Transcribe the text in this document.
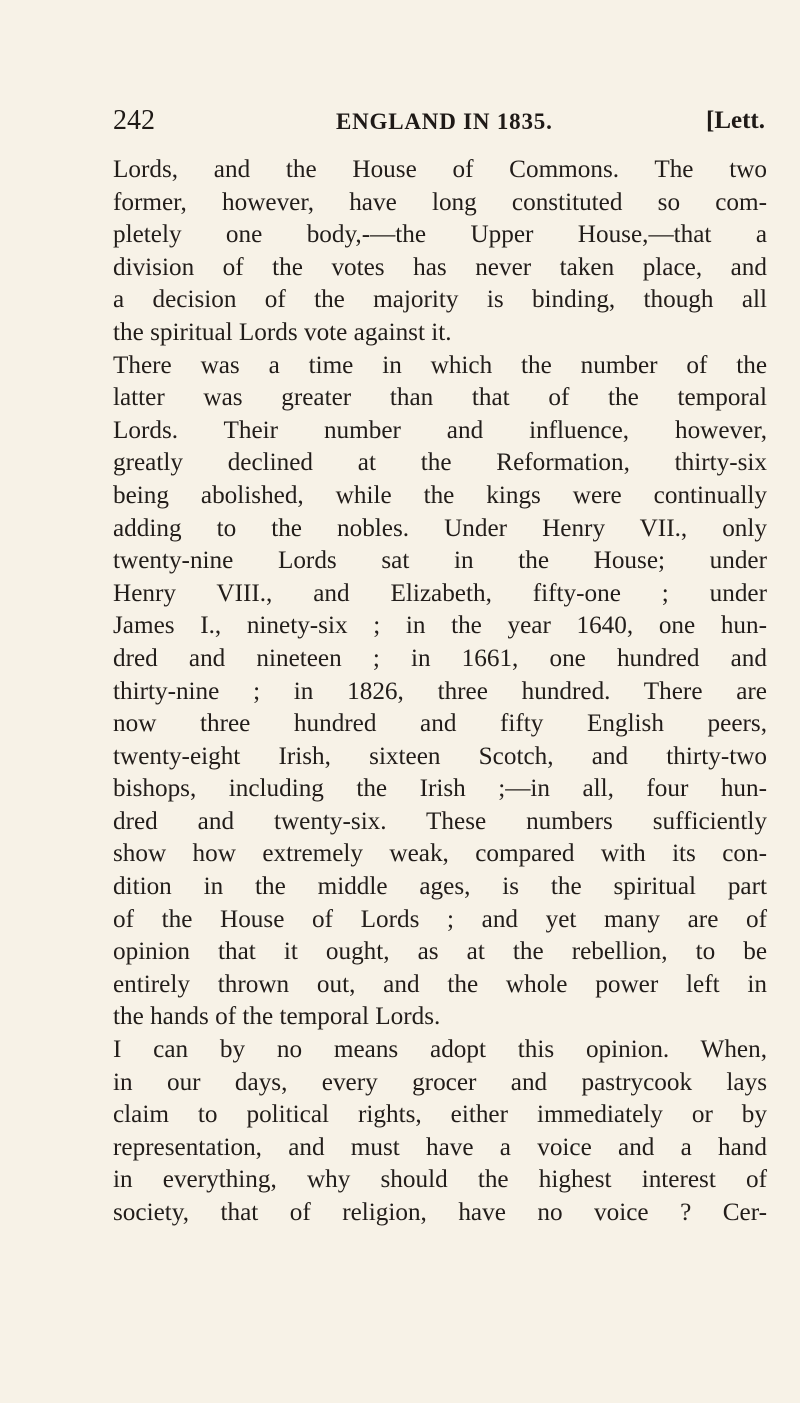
242	ENGLAND IN 1835.	[Lett.
Lords, and the House of Commons. The two
former, however, have long constituted so com-
pletely one body,-—the Upper House,—that a
division of the votes has never taken place, and
a decision of the majority is binding, though all
the spiritual Lords vote against it.
There was a time in which the number of the
latter was greater than that of the temporal
Lords. Their number and influence, however,
greatly declined at the Reformation, thirty-six
being abolished, while the kings were continually
adding to the nobles. Under Henry VII., only
twenty-nine Lords sat in the House; under
Henry VIII., and Elizabeth, fifty-one ; under
James I., ninety-six ; in the year 1640, one hun-
dred and nineteen ; in 1661, one hundred and
thirty-nine ; in 1826, three hundred. There are
now three hundred and fifty English peers,
twenty-eight Irish, sixteen Scotch, and thirty-two
bishops, including the Irish ;—in all, four hun-
dred and twenty-six. These numbers sufficiently
show how extremely weak, compared with its con-
dition in the middle ages, is the spiritual part
of the House of Lords ; and yet many are of
opinion that it ought, as at the rebellion, to be
entirely thrown out, and the whole power left in
the hands of the temporal Lords.
I can by no means adopt this opinion. When,
in our days, every grocer and pastrycook lays
claim to political rights, either immediately or by
representation, and must have a voice and a hand
in everything, why should the highest interest of
society, that of religion, have no voice ? Cer-
